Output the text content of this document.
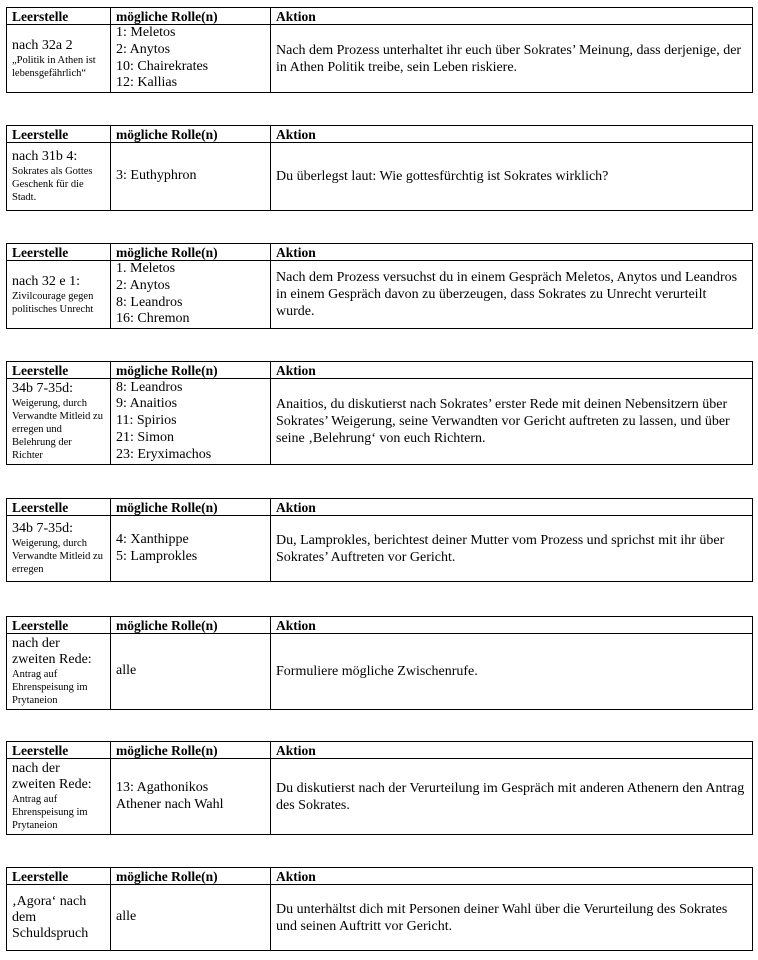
Leerstelle	mögliche Rolle(n)	Aktion

nach 32a 2
„Politik in Athen ist lebensgefährlich“	1: Meletos
2: Anytos
10: Chairekrates
12: Kallias	Nach dem Prozess unterhaltet ihr euch über Sokrates’ Meinung, dass derjenige, der in Athen Politik treibe, sein Leben riskiere.
Leerstelle	mögliche Rolle(n)	Aktion

nach 31b 4:
Sokrates als Gottes Geschenk für die Stadt.	3: Euthyphron	Du überlegst laut: Wie gottesfürchtig ist Sokrates wirklich?
Leerstelle	mögliche Rolle(n)	Aktion

nach 32 e 1:
Zivilcourage gegen politisches Unrecht	1. Meletos
2: Anytos
8: Leandros
16: Chremon	Nach dem Prozess versuchst du in einem Gespräch Meletos, Anytos und Leandros in einem Gespräch davon zu überzeugen, dass Sokrates zu Unrecht verurteilt wurde.
Leerstelle	mögliche Rolle(n)	Aktion

34b 7-35d:
Weigerung, durch Verwandte Mitleid zu erregen und Belehrung der Richter	8: Leandros
9: Anaitios
11: Spirios
21: Simon
23: Eryximachos	Anaitios, du diskutierst nach Sokrates’ erster Rede mit deinen Nebensitzern über Sokrates’ Weigerung, seine Verwandten vor Gericht auftreten zu lassen, und über seine ‚Belehrung‘ von euch Richtern.
Leerstelle	mögliche Rolle(n)	Aktion

34b 7-35d:
Weigerung, durch Verwandte Mitleid zu erregen	4: Xanthippe
5: Lamprokles	Du, Lamprokles, berichtest deiner Mutter vom Prozess und sprichst mit ihr über Sokrates’ Auftreten vor Gericht.
Leerstelle	mögliche Rolle(n)	Aktion

nach der zweiten Rede:
Antrag auf Ehrenspeisung im Prytaneion	alle	Formuliere mögliche Zwischenrufe.
Leerstelle	mögliche Rolle(n)	Aktion

nach der zweiten Rede:
Antrag auf Ehrenspeisung im Prytaneion	13: Agathonikos
Athener nach Wahl	Du diskutierst nach der Verurteilung im Gespräch mit anderen Athenern den Antrag des Sokrates.
Leerstelle	mögliche Rolle(n)	Aktion

‚Agora‘ nach dem Schuldspruch	alle	Du unterhältst dich mit Personen deiner Wahl über die Verurteilung des Sokrates und seinen Auftritt vor Gericht.
